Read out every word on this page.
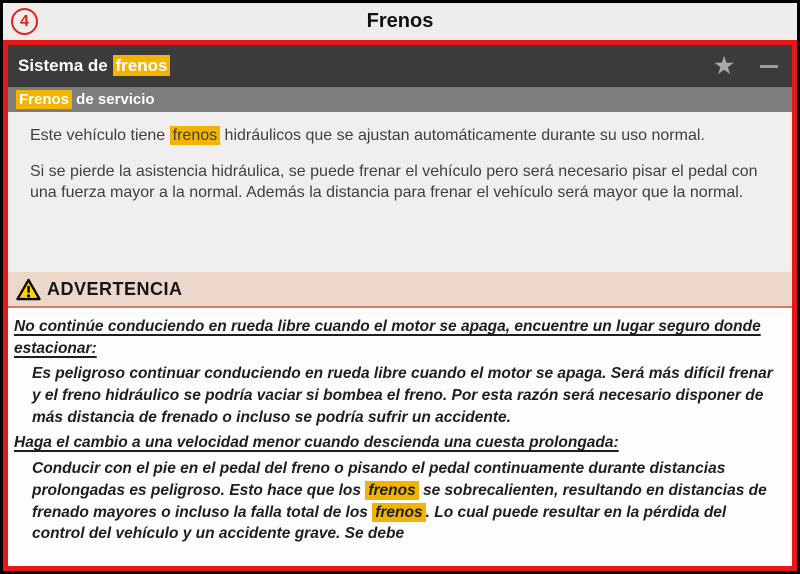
4	Frenos
Sistema de frenos	★
Frenos de servicio

Este vehículo tiene frenos hidráulicos que se ajustan automáticamente durante su uso normal.

Si se pierde la asistencia hidráulica, se puede frenar el vehículo pero será necesario pisar el pedal con una fuerza mayor a la normal. Además la distancia para frenar el vehículo será mayor que la normal.

ADVERTENCIA
No continúe conduciendo en rueda libre cuando el motor se apaga, encuentre un lugar seguro donde estacionar:
Es peligroso continuar conduciendo en rueda libre cuando el motor se apaga. Será más difícil frenar y el freno hidráulico se podría vaciar si bombea el freno. Por esta razón será necesario disponer de más distancia de frenado o incluso se podría sufrir un accidente.
Haga el cambio a una velocidad menor cuando descienda una cuesta prolongada:
Conducir con el pie en el pedal del freno o pisando el pedal continuamente durante distancias prolongadas es peligroso. Esto hace que los frenos se sobrecalienten, resultando en distancias de frenado mayores o incluso la falla total de los frenos . Lo cual puede resultar en la pérdida del control del vehículo y un accidente grave. Se debe
